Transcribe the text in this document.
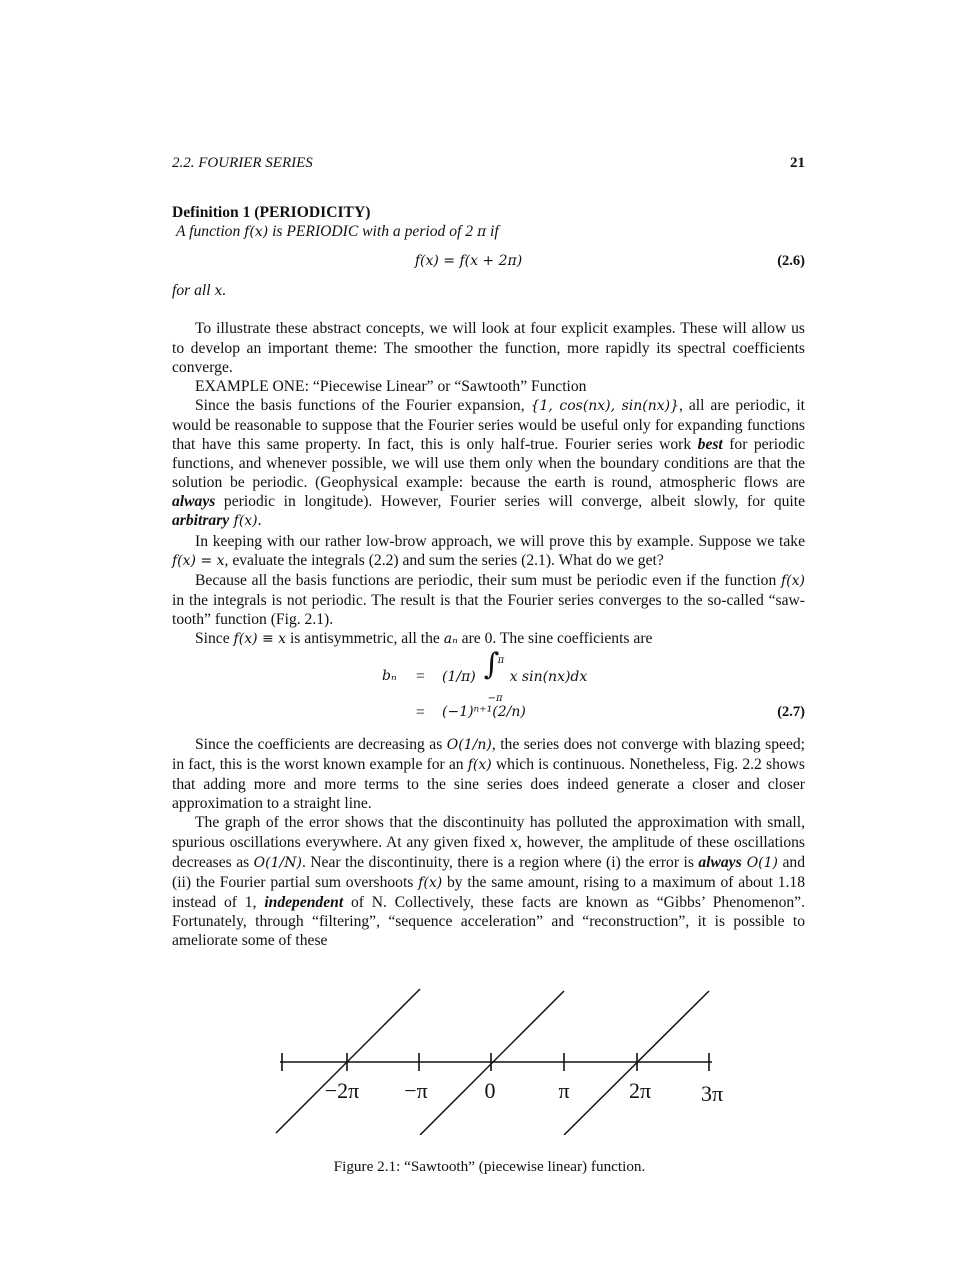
2.2. FOURIER SERIES	21
Definition 1 (PERIODICITY)
A function f(x) is PERIODIC with a period of 2 π if
f(x) = f(x + 2π)	(2.6)
for all x.

To illustrate these abstract concepts, we will look at four explicit examples. These will allow us to develop an important theme: The smoother the function, more rapidly its spectral coefficients converge.

EXAMPLE ONE: “Piecewise Linear” or “Sawtooth” Function

Since the basis functions of the Fourier expansion, {1, cos(nx), sin(nx)}, all are periodic, it would be reasonable to suppose that the Fourier series would be useful only for expanding functions that have this same property. In fact, this is only half-true. Fourier series work best for periodic functions, and whenever possible, we will use them only when the boundary conditions are that the solution be periodic. (Geophysical example: because the earth is round, atmospheric flows are always periodic in longitude). However, Fourier series will converge, albeit slowly, for quite arbitrary f(x).

In keeping with our rather low-brow approach, we will prove this by example. Suppose we take f(x) = x, evaluate the integrals (2.2) and sum the series (2.1). What do we get?

Because all the basis functions are periodic, their sum must be periodic even if the function f(x) in the integrals is not periodic. The result is that the Fourier series converges to the so-called “saw-tooth” function (Fig. 2.1).

Since f(x) ≡ x is antisymmetric, all the aₙ are 0. The sine coefficients are

bₙ = (1/π) ∫
π
−π
x sin(nx)dx
= (−1)ⁿ⁺¹(2/n)	(2.7)

Since the coefficients are decreasing as O(1/n), the series does not converge with blazing speed; in fact, this is the worst known example for an f(x) which is continuous. Nonetheless, Fig. 2.2 shows that adding more and more terms to the sine series does indeed generate a closer and closer approximation to a straight line.

The graph of the error shows that the discontinuity has polluted the approximation with small, spurious oscillations everywhere. At any given fixed x, however, the amplitude of these oscillations decreases as O(1/N). Near the discontinuity, there is a region where (i) the error is always O(1) and (ii) the Fourier partial sum overshoots f(x) by the same amount, rising to a maximum of about 1.18 instead of 1, independent of N. Collectively, these facts are known as “Gibbs’ Phenomenon”. Fortunately, through “filtering”, “sequence acceleration” and “reconstruction”, it is possible to ameliorate some of these

−2π −π	0	π	2π 3π
Figure 2.1: “Sawtooth” (piecewise linear) function.
